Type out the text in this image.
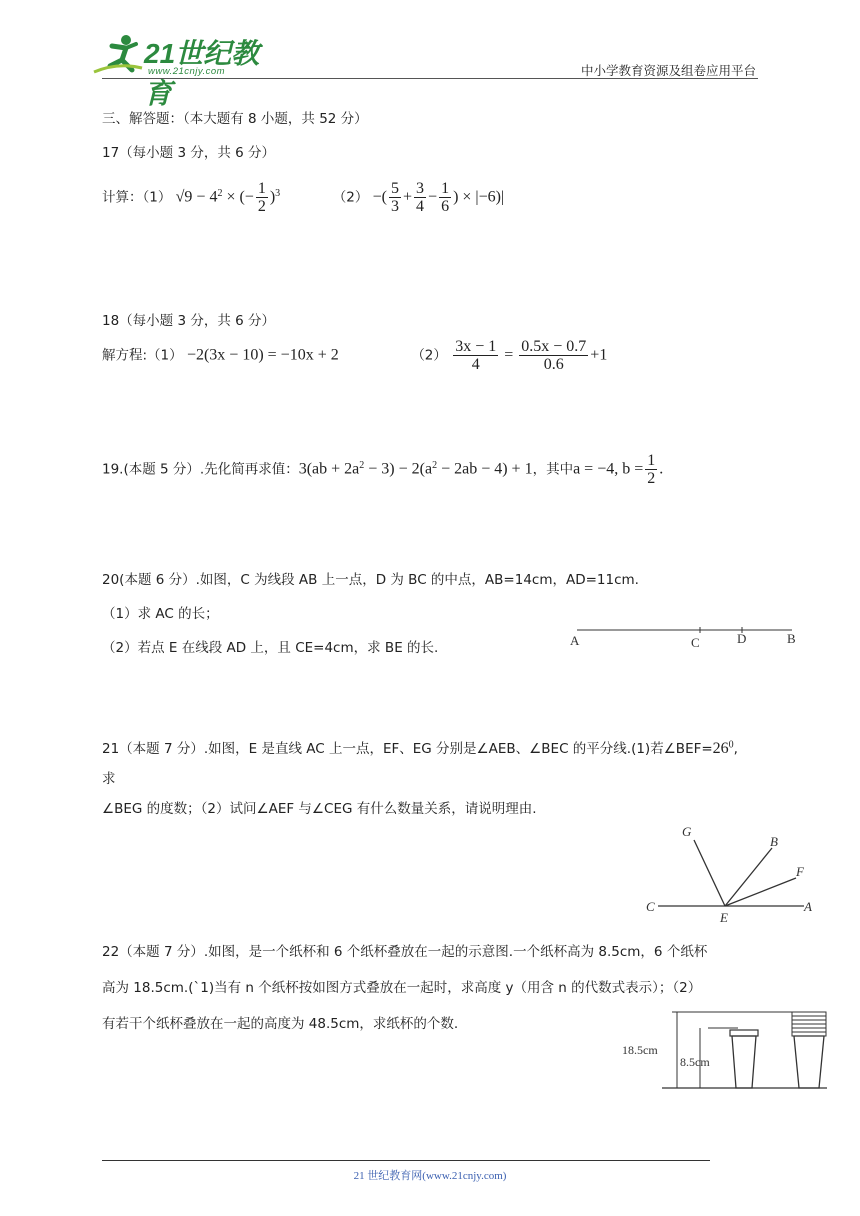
21世纪教育
www.21cnjy.com	中小学教育资源及组卷应用平台
三、解答题：（本大题有 8 小题，共 52 分）
17（每小题 3 分，共 6 分）
计算：（1） $√9 - 4^2$ × (− $\frac{1}{2} )^3$	（2） −( $\frac{5}{3} + \frac{3}{4} - \frac{1}{6}$ ) × |−6)|
18（每小题 3 分，共 6 分）
解方程:（1） −2(3x − 10) = −10x + 2	$(2) \frac{3x - 1}{4} = \frac{0.5x - 0.7}{0.6} +1$
19.(本题 5 分）.先化简再求值：$3(ab + 2a^2 - 3) - 2(a^2 - 2ab - 4) + 1$，其中a = −4, $b = \frac{1}{2}$ .
20(本题 6 分）.如图，C 为线段 AB 上一点，D 为 BC 的中点，AB=14cm，AD=11cm.
（1）求 AC 的长；
（2）若点 E 在线段 AD 上，且 CE=4cm，求 BE 的长.	A	C	D	B
21（本题 7 分）.如图，E 是直线 AC 上一点，EF、EG 分别是∠AEB、∠BEC 的平分线.(1)若$\angle BEF=26^0$,
求
∠BEG 的度数；（2）试问∠AEF 与∠CEG 有什么数量关系，请说明理由.
G
B
F
C
E
A
22（本题 7 分）.如图，是一个纸杯和 6 个纸杯叠放在一起的示意图.一个纸杯高为 8.5cm，6 个纸杯
高为 18.5cm.(`1)当有 n 个纸杯按如图方式叠放在一起时，求高度 y（用含 n 的代数式表示）；（2）
有若干个纸杯叠放在一起的高度为 48.5cm，求纸杯的个数.
18.5cm
8.5cm
21 世纪教育网(www.21cnjy.com)
